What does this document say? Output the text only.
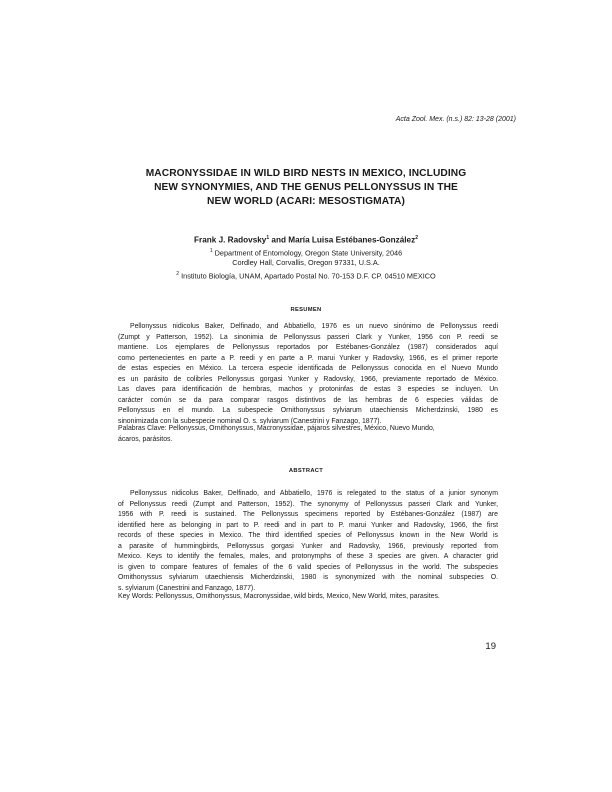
Acta Zool. Mex. (n.s.) 82: 13-28 (2001)
MACRONYSSIDAE IN WILD BIRD NESTS IN MEXICO, INCLUDING
NEW SYNONYMIES, AND THE GENUS PELLONYSSUS IN THE
NEW WORLD (ACARI: MESOSTIGMATA)
Frank J. Radovsky$^1$ and María Luisa Estébanes-González$^2$
$^1$ Department of Entomology, Oregon State University, 2046
Cordley Hall, Corvallis, Oregon 97331, U.S.A.
$^2$ Instituto Biología, UNAM, Apartado Postal No. 70-153 D.F. CP. 04510 MEXICO
RESUMEN
Pellonyssus nidicolus Baker, Delfinado, and Abbatiello, 1976 es un nuevo sinónimo de Pellonyssus reedi
(Zumpt y Patterson, 1952). La sinonimia de Pellonyssus passeri Clark y Yunker, 1956 con P. reedi se
mantiene. Los ejemplares de Pellonyssus reportados por Estébanes-González (1987) considerados aquí
como pertenecientes en parte a P. reedi y en parte a P. marui Yunker y Radovsky, 1966, es el primer reporte
de estas especies en México. La tercera especie identificada de Pellonyssus conocida en el Nuevo Mundo
es un parásito de colibríes Pellonyssus gorgasi Yunker y Radovsky, 1966, previamente reportado de México.
Las claves para identificación de hembras, machos y protoninfas de estas 3 especies se incluyen. Un
carácter común se da para comparar rasgos distintivos de las hembras de 6 especies válidas de
Pellonyssus en el mundo. La subespecie Ornithonyssus sylviarum utaechiensis Micherdzinski, 1980 es
sinonimizada con la subespecie nominal O. s. sylviarum (Canestrini y Fanzago, 1877).
Palabras Clave: Pellonyssus, Ornithonyssus, Macronyssidae, pájaros silvestres, México, Nuevo Mundo,
ácaros, parásitos.
ABSTRACT
Pellonyssus nidicolus Baker, Delfinado, and Abbatiello, 1976 is relegated to the status of a junior synonym
of Pellonyssus reedi (Zumpt and Patterson, 1952). The synonymy of Pellonyssus passeri Clark and Yunker,
1956 with P. reedi is sustained. The Pellonyssus specimens reported by Estébanes-González (1987) are
identified here as belonging in part to P. reedi and in part to P. marui Yunker and Radovsky, 1966, the first
records of these species in Mexico. The third identified species of Pellonyssus known in the New World is
a parasite of hummingbirds, Pellonyssus gorgasi Yunker and Radovsky, 1966, previously reported from
Mexico. Keys to identify the females, males, and protonymphs of these 3 species are given. A character grid
is given to compare features of females of the 6 valid species of Pellonyssus in the world. The subspecies
Ornithonyssus sylviarum utaechiensis Micherdzinski, 1980 is synonymized with the nominal subspecies O.
s. sylviarum (Canestrini and Fanzago, 1877).
Key Words: Pellonyssus, Ornithonyssus, Macronyssidae, wild birds, Mexico, New World, mites, parasites.
19
